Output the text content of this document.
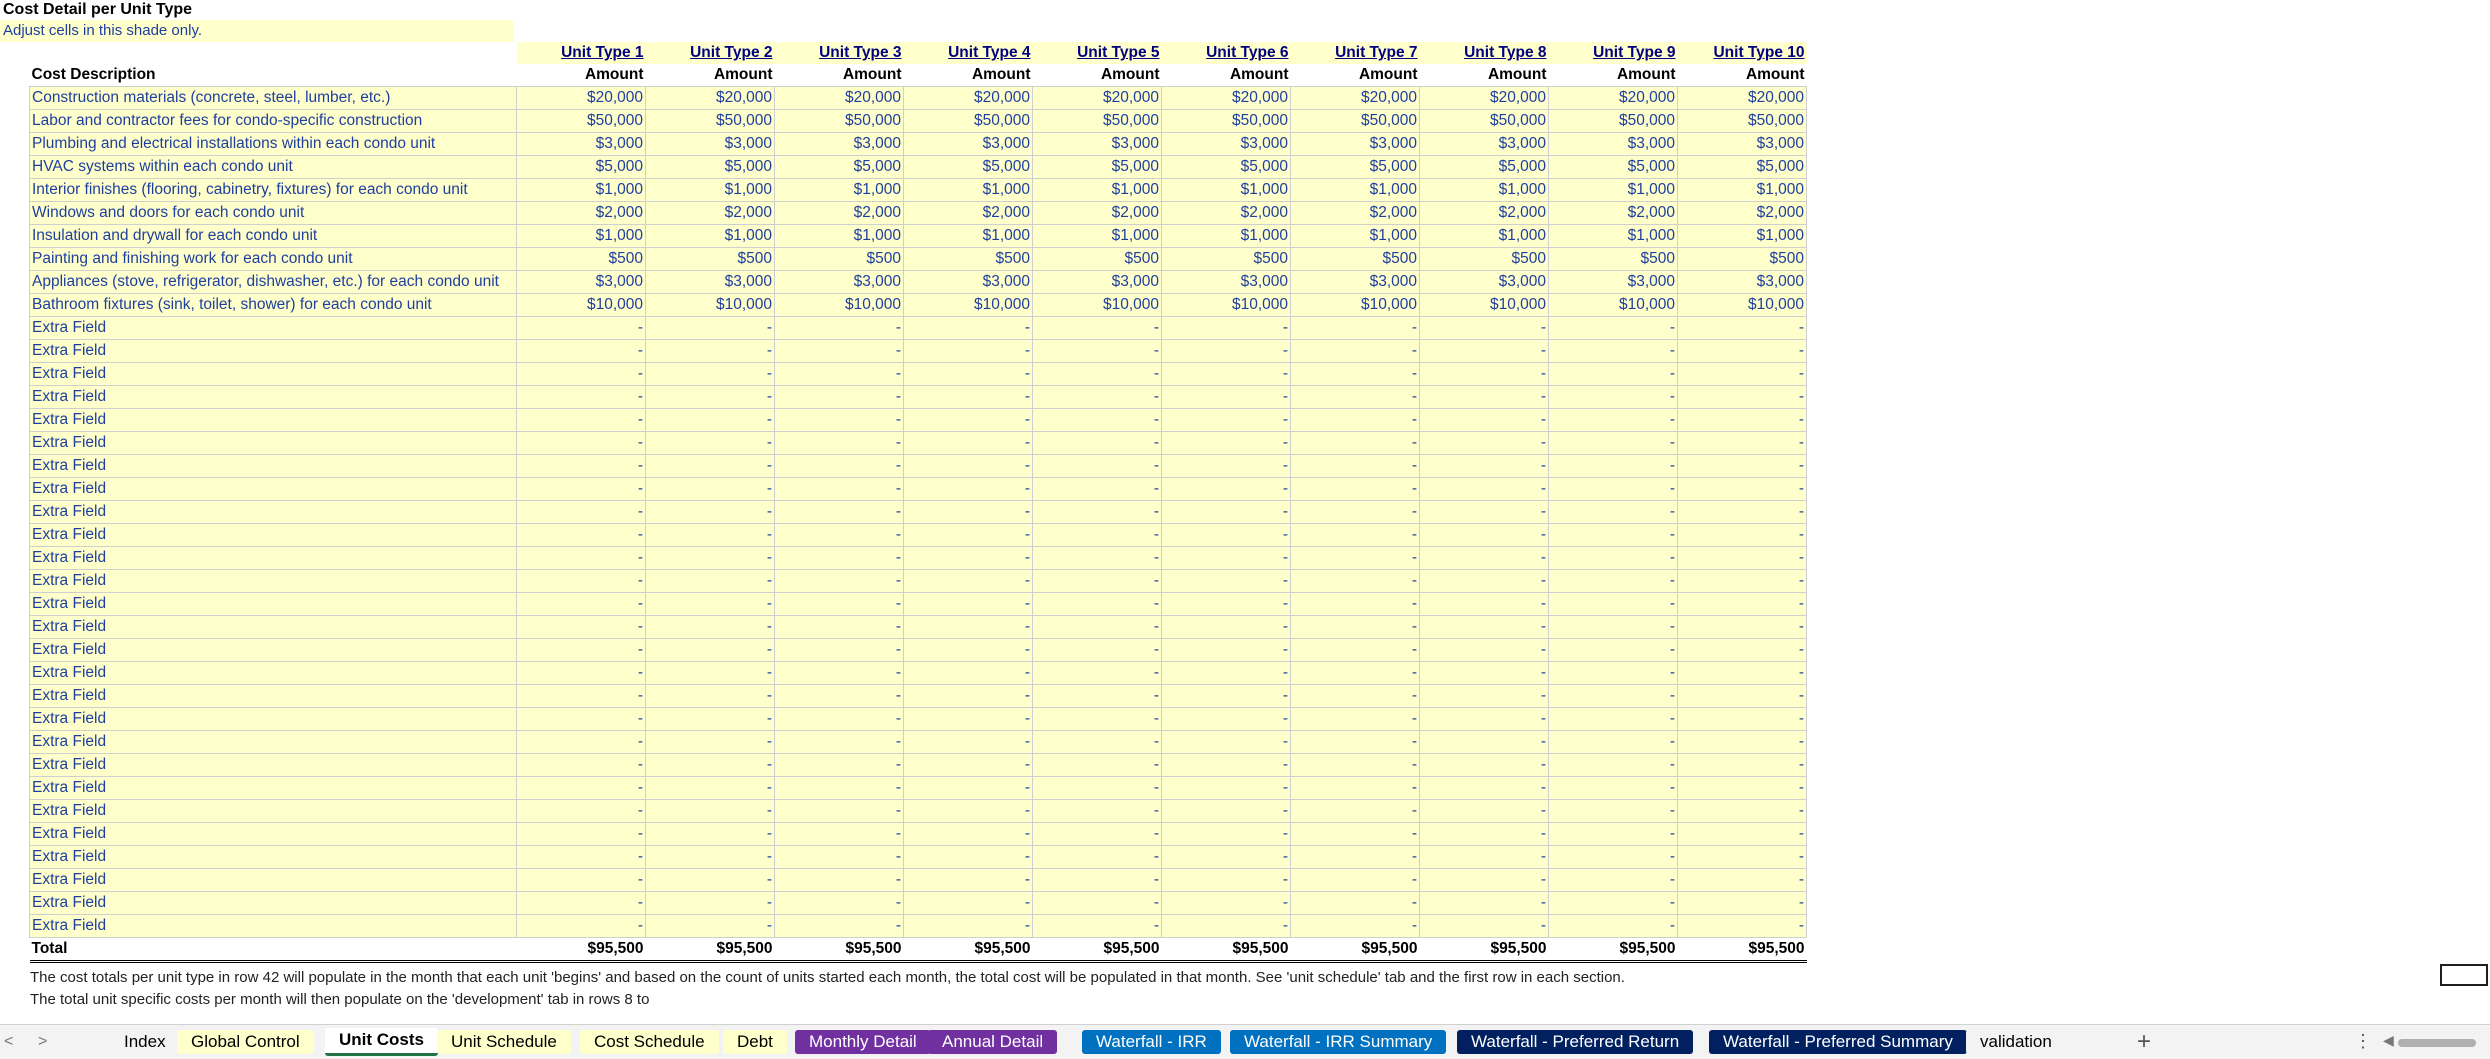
Cost Detail per Unit Type
Adjust cells in this shade only.
	Unit Type 1	Unit Type 2	Unit Type 3	Unit Type 4	Unit Type 5	Unit Type 6	Unit Type 7	Unit Type 8	Unit Type 9	Unit Type 10
Cost Description	Amount	Amount	Amount	Amount	Amount	Amount	Amount	Amount	Amount	Amount
Construction materials (concrete, steel, lumber, etc.)	$20,000	$20,000	$20,000	$20,000	$20,000	$20,000	$20,000	$20,000	$20,000	$20,000
Labor and contractor fees for condo-specific construction	$50,000	$50,000	$50,000	$50,000	$50,000	$50,000	$50,000	$50,000	$50,000	$50,000
Plumbing and electrical installations within each condo unit	$3,000	$3,000	$3,000	$3,000	$3,000	$3,000	$3,000	$3,000	$3,000	$3,000
HVAC systems within each condo unit	$5,000	$5,000	$5,000	$5,000	$5,000	$5,000	$5,000	$5,000	$5,000	$5,000
Interior finishes (flooring, cabinetry, fixtures) for each condo unit	$1,000	$1,000	$1,000	$1,000	$1,000	$1,000	$1,000	$1,000	$1,000	$1,000
Windows and doors for each condo unit	$2,000	$2,000	$2,000	$2,000	$2,000	$2,000	$2,000	$2,000	$2,000	$2,000
Insulation and drywall for each condo unit	$1,000	$1,000	$1,000	$1,000	$1,000	$1,000	$1,000	$1,000	$1,000	$1,000
Painting and finishing work for each condo unit	$500	$500	$500	$500	$500	$500	$500	$500	$500	$500
Appliances (stove, refrigerator, dishwasher, etc.) for each condo unit	$3,000	$3,000	$3,000	$3,000	$3,000	$3,000	$3,000	$3,000	$3,000	$3,000
Bathroom fixtures (sink, toilet, shower) for each condo unit	$10,000	$10,000	$10,000	$10,000	$10,000	$10,000	$10,000	$10,000	$10,000	$10,000
Extra Field	-	-	-	-	-	-	-	-	-	-
Extra Field	-	-	-	-	-	-	-	-	-	-
Extra Field	-	-	-	-	-	-	-	-	-	-
Extra Field	-	-	-	-	-	-	-	-	-	-
Extra Field	-	-	-	-	-	-	-	-	-	-
Extra Field	-	-	-	-	-	-	-	-	-	-
Extra Field	-	-	-	-	-	-	-	-	-	-
Extra Field	-	-	-	-	-	-	-	-	-	-
Extra Field	-	-	-	-	-	-	-	-	-	-
Extra Field	-	-	-	-	-	-	-	-	-	-
Extra Field	-	-	-	-	-	-	-	-	-	-
Extra Field	-	-	-	-	-	-	-	-	-	-
Extra Field	-	-	-	-	-	-	-	-	-	-
Extra Field	-	-	-	-	-	-	-	-	-	-
Extra Field	-	-	-	-	-	-	-	-	-	-
Extra Field	-	-	-	-	-	-	-	-	-	-
Extra Field	-	-	-	-	-	-	-	-	-	-
Extra Field	-	-	-	-	-	-	-	-	-	-
Extra Field	-	-	-	-	-	-	-	-	-	-
Extra Field	-	-	-	-	-	-	-	-	-	-
Extra Field	-	-	-	-	-	-	-	-	-	-
Extra Field	-	-	-	-	-	-	-	-	-	-
Extra Field	-	-	-	-	-	-	-	-	-	-
Extra Field	-	-	-	-	-	-	-	-	-	-
Extra Field	-	-	-	-	-	-	-	-	-	-
Extra Field	-	-	-	-	-	-	-	-	-	-
Extra Field	-	-	-	-	-	-	-	-	-	-
Total	$95,500	$95,500	$95,500	$95,500	$95,500	$95,500	$95,500	$95,500	$95,500	$95,500
The cost totals per unit type in row 42 will populate in the month that each unit 'begins' and based on the count of units started each month, the total cost will be populated in that month. See 'unit schedule' tab and the first row in each section.
The total unit specific costs per month will then populate on the 'development' tab in rows 8 to
< >	Index	Global Control	Unit Costs	Unit Schedule	Cost Schedule	Debt	Monthly Detail	Annual Detail	Waterfall - IRR	Waterfall - IRR Summary	Waterfall - Preferred Return	Waterfall - Preferred Summary	validation	+	⋮ ◀
